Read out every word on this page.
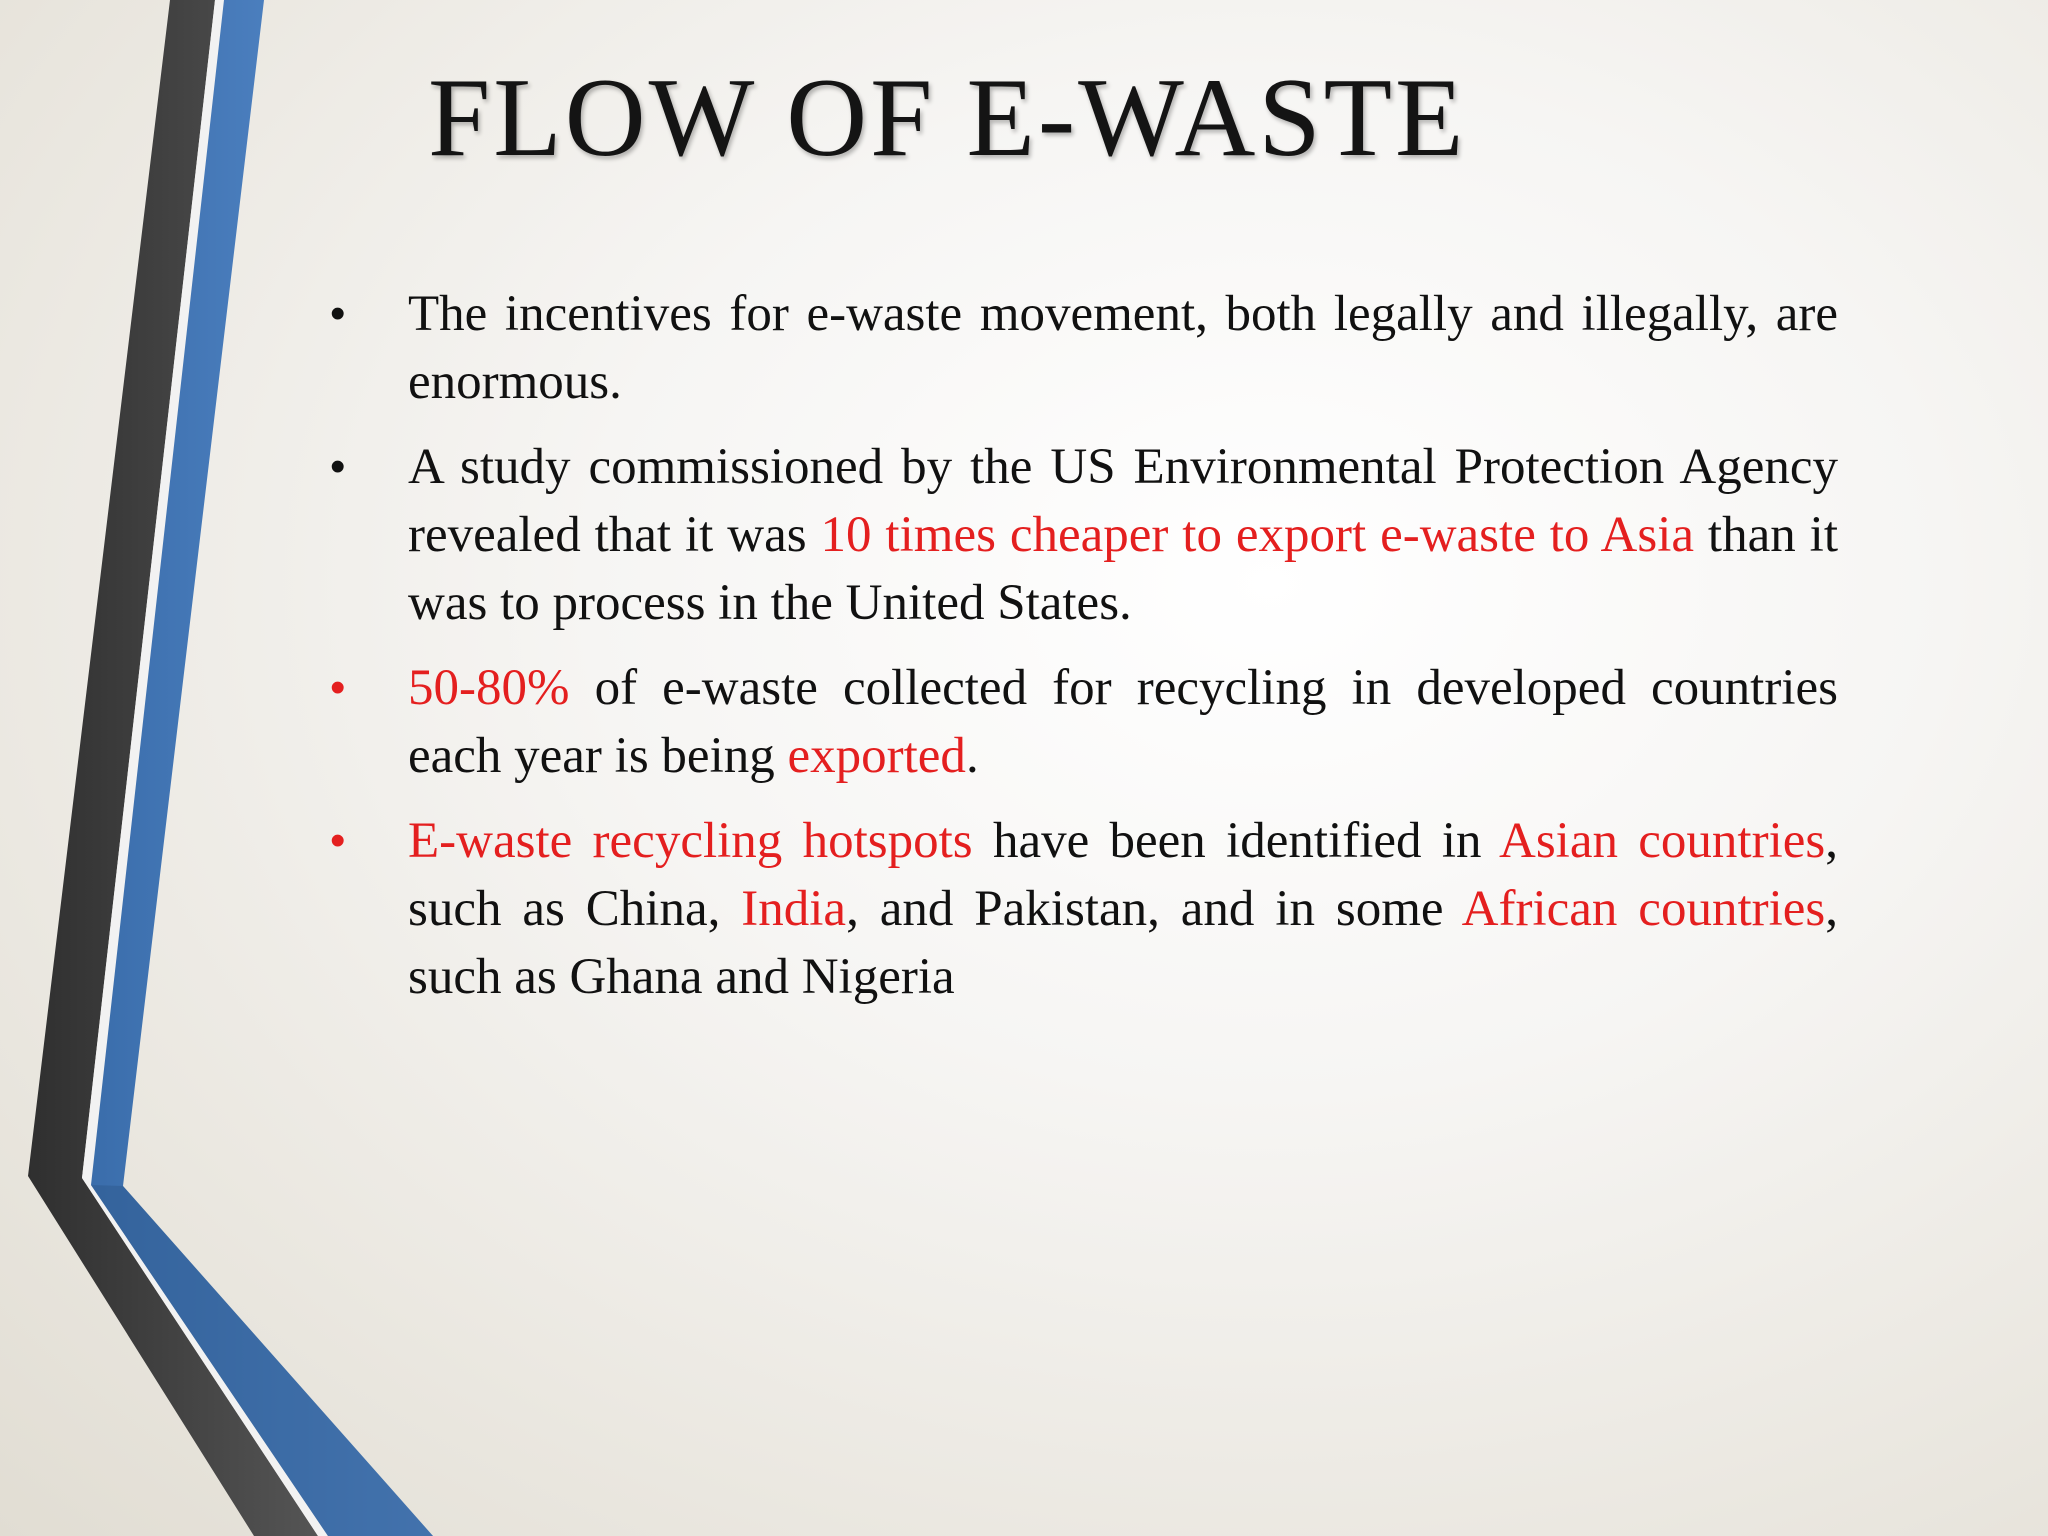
FLOW OF E-WASTE
• The incentives for e-waste movement, both legally and illegally, are enormous.
• A study commissioned by the US Environmental Protection Agency revealed that it was 10 times cheaper to export e-waste to Asia than it was to process in the United States.
• 50-80% of e-waste collected for recycling in developed countries each year is being exported.
• E-waste recycling hotspots have been identified in Asian countries, such as China, India, and Pakistan, and in some African countries, such as Ghana and Nigeria
